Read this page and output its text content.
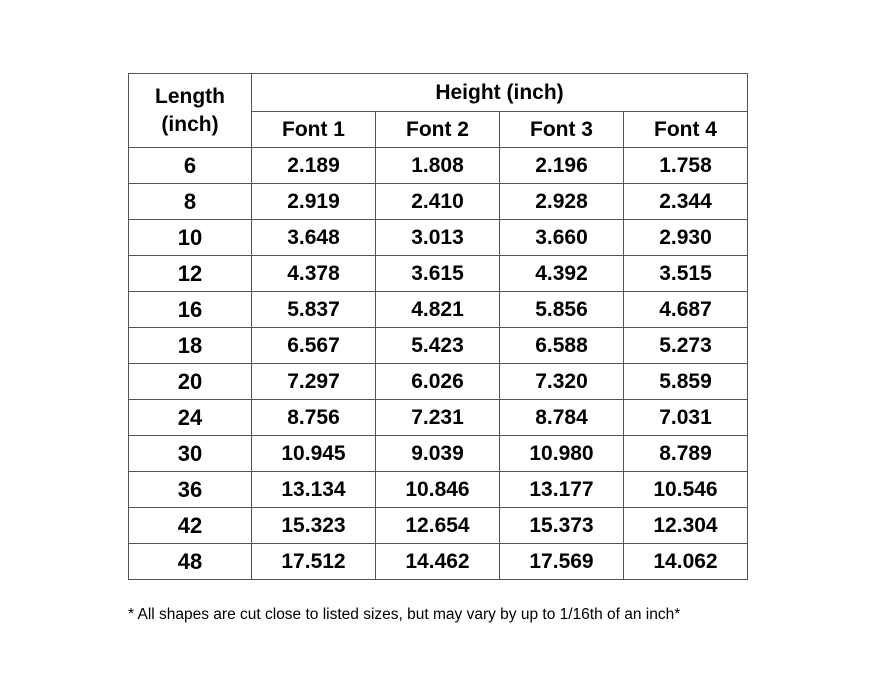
Length
(inch)	Height (inch)			
	Font 1	Font 2	Font 3	Font 4
6	2.189	1.808	2.196	1.758
8	2.919	2.410	2.928	2.344
10	3.648	3.013	3.660	2.930
12	4.378	3.615	4.392	3.515
16	5.837	4.821	5.856	4.687
18	6.567	5.423	6.588	5.273
20	7.297	6.026	7.320	5.859
24	8.756	7.231	8.784	7.031
30	10.945	9.039	10.980	8.789
36	13.134	10.846	13.177	10.546
42	15.323	12.654	15.373	12.304
48	17.512	14.462	17.569	14.062
* All shapes are cut close to listed sizes, but may vary by up to 1/16th of an inch*
